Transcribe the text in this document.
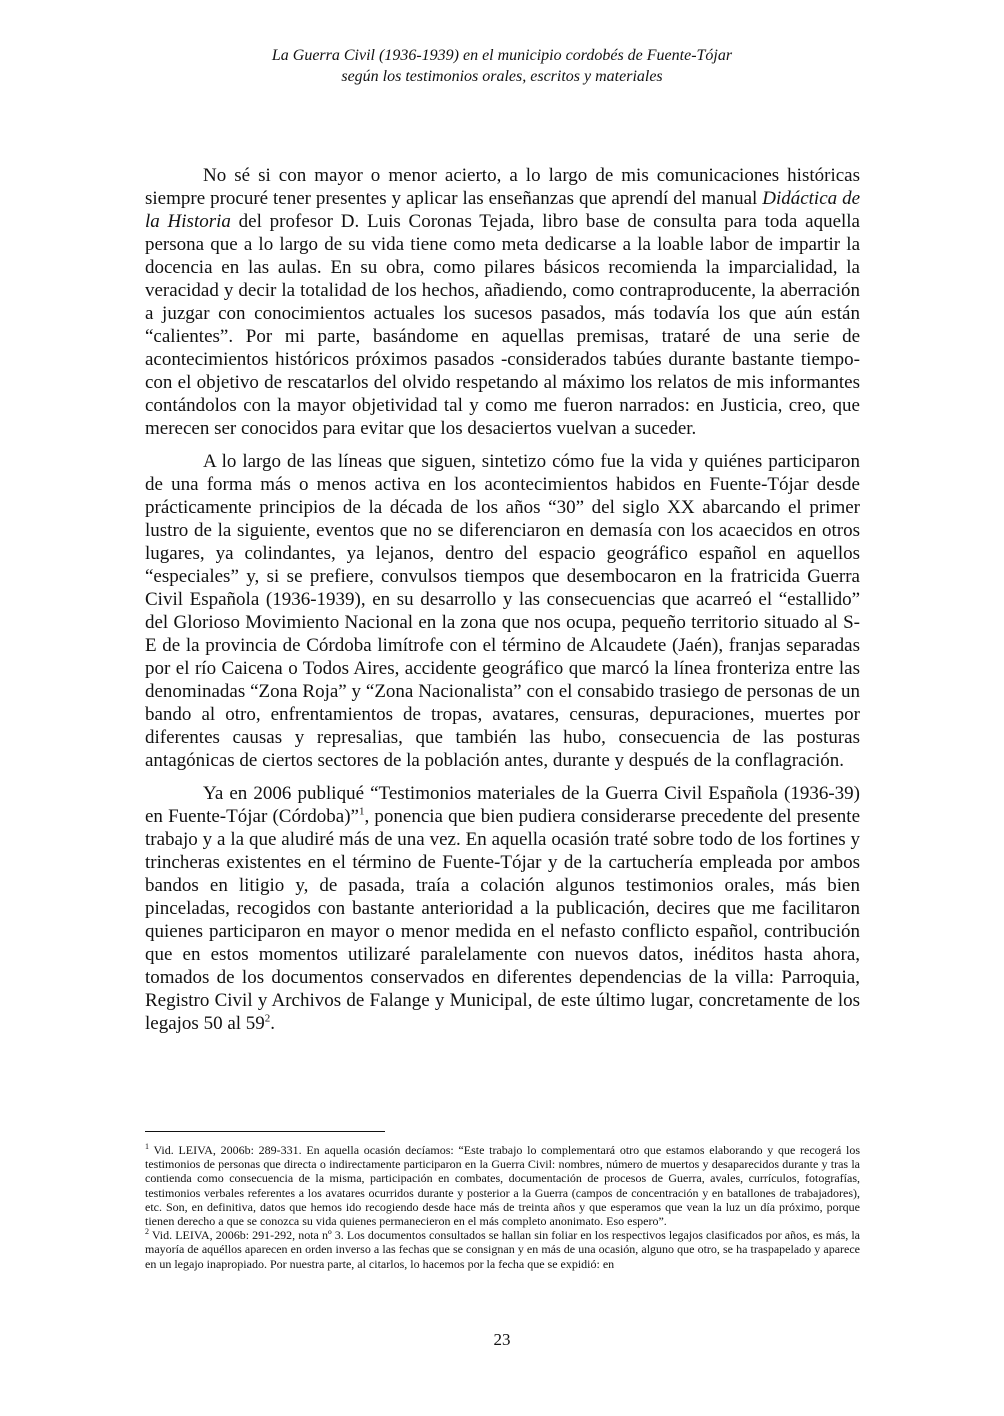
La Guerra Civil (1936-1939) en el municipio cordobés de Fuente-Tójar
según los testimonios orales, escritos y materiales

No sé si con mayor o menor acierto, a lo largo de mis comunicaciones históricas siempre procuré tener presentes y aplicar las enseñanzas que aprendí del manual Didáctica de la Historia del profesor D. Luis Coronas Tejada, libro base de consulta para toda aquella persona que a lo largo de su vida tiene como meta dedicarse a la loable labor de impartir la docencia en las aulas. En su obra, como pilares básicos recomienda la imparcialidad, la veracidad y decir la totalidad de los hechos, añadiendo, como contraproducente, la aberración a juzgar con conocimientos actuales los sucesos pasados, más todavía los que aún están “calientes”. Por mi parte, basándome en aquellas premisas, trataré de una serie de acontecimientos históricos próximos pasados -considerados tabúes durante bastante tiempo- con el objetivo de rescatarlos del olvido respetando al máximo los relatos de mis informantes contándolos con la mayor objetividad tal y como me fueron narrados: en Justicia, creo, que merecen ser conocidos para evitar que los desaciertos vuelvan a suceder.

A lo largo de las líneas que siguen, sintetizo cómo fue la vida y quiénes participaron de una forma más o menos activa en los acontecimientos habidos en Fuente-Tójar desde prácticamente principios de la década de los años “30” del siglo XX abarcando el primer lustro de la siguiente, eventos que no se diferenciaron en demasía con los acaecidos en otros lugares, ya colindantes, ya lejanos, dentro del espacio geográfico español en aquellos “especiales” y, si se prefiere, convulsos tiempos que desembocaron en la fratricida Guerra Civil Española (1936-1939), en su desarrollo y las consecuencias que acarreó el “estallido” del Glorioso Movimiento Nacional en la zona que nos ocupa, pequeño territorio situado al S-E de la provincia de Córdoba limítrofe con el término de Alcaudete (Jaén), franjas separadas por el río Caicena o Todos Aires, accidente geográfico que marcó la línea fronteriza entre las denominadas “Zona Roja” y “Zona Nacionalista” con el consabido trasiego de personas de un bando al otro, enfrentamientos de tropas, avatares, censuras, depuraciones, muertes por diferentes causas y represalias, que también las hubo, consecuencia de las posturas antagónicas de ciertos sectores de la población antes, durante y después de la conflagración.

Ya en 2006 publiqué “Testimonios materiales de la Guerra Civil Española (1936-39) en Fuente-Tójar (Córdoba)”$^1$, ponencia que bien pudiera considerarse precedente del presente trabajo y a la que aludiré más de una vez. En aquella ocasión traté sobre todo de los fortines y trincheras existentes en el término de Fuente-Tójar y de la cartuchería empleada por ambos bandos en litigio y, de pasada, traía a colación algunos testimonios orales, más bien pinceladas, recogidos con bastante anterioridad a la publicación, decires que me facilitaron quienes participaron en mayor o menor medida en el nefasto conflicto español, contribución que en estos momentos utilizaré paralelamente con nuevos datos, inéditos hasta ahora, tomados de los documentos conservados en diferentes dependencias de la villa: Parroquia, Registro Civil y Archivos de Falange y Municipal, de este último lugar, concretamente de los legajos 50 al $59^2$.

$^1$ Vid. LEIVA, 2006b: 289-331. En aquella ocasión decíamos: “Este trabajo lo complementará otro que estamos elaborando y que recogerá los testimonios de personas que directa o indirectamente participaron en la Guerra Civil: nombres, número de muertos y desaparecidos durante y tras la contienda como consecuencia de la misma, participación en combates, documentación de procesos de Guerra, avales, currículos, fotografías, testimonios verbales referentes a los avatares ocurridos durante y posterior a la Guerra (campos de concentración y en batallones de trabajadores), etc. Son, en definitiva, datos que hemos ido recogiendo desde hace más de treinta años y que esperamos que vean la luz un día próximo, porque tienen derecho a que se conozca su vida quienes permanecieron en el más completo anonimato. Eso espero”.

$^2$ Vid. LEIVA, 2006b: 291-292, nota nº 3. Los documentos consultados se hallan sin foliar en los respectivos legajos clasificados por años, es más, la mayoría de aquéllos aparecen en orden inverso a las fechas que se consignan y en más de una ocasión, alguno que otro, se ha traspapelado y aparece en un legajo inapropiado. Por nuestra parte, al citarlos, lo hacemos por la fecha que se expidió: en

23
